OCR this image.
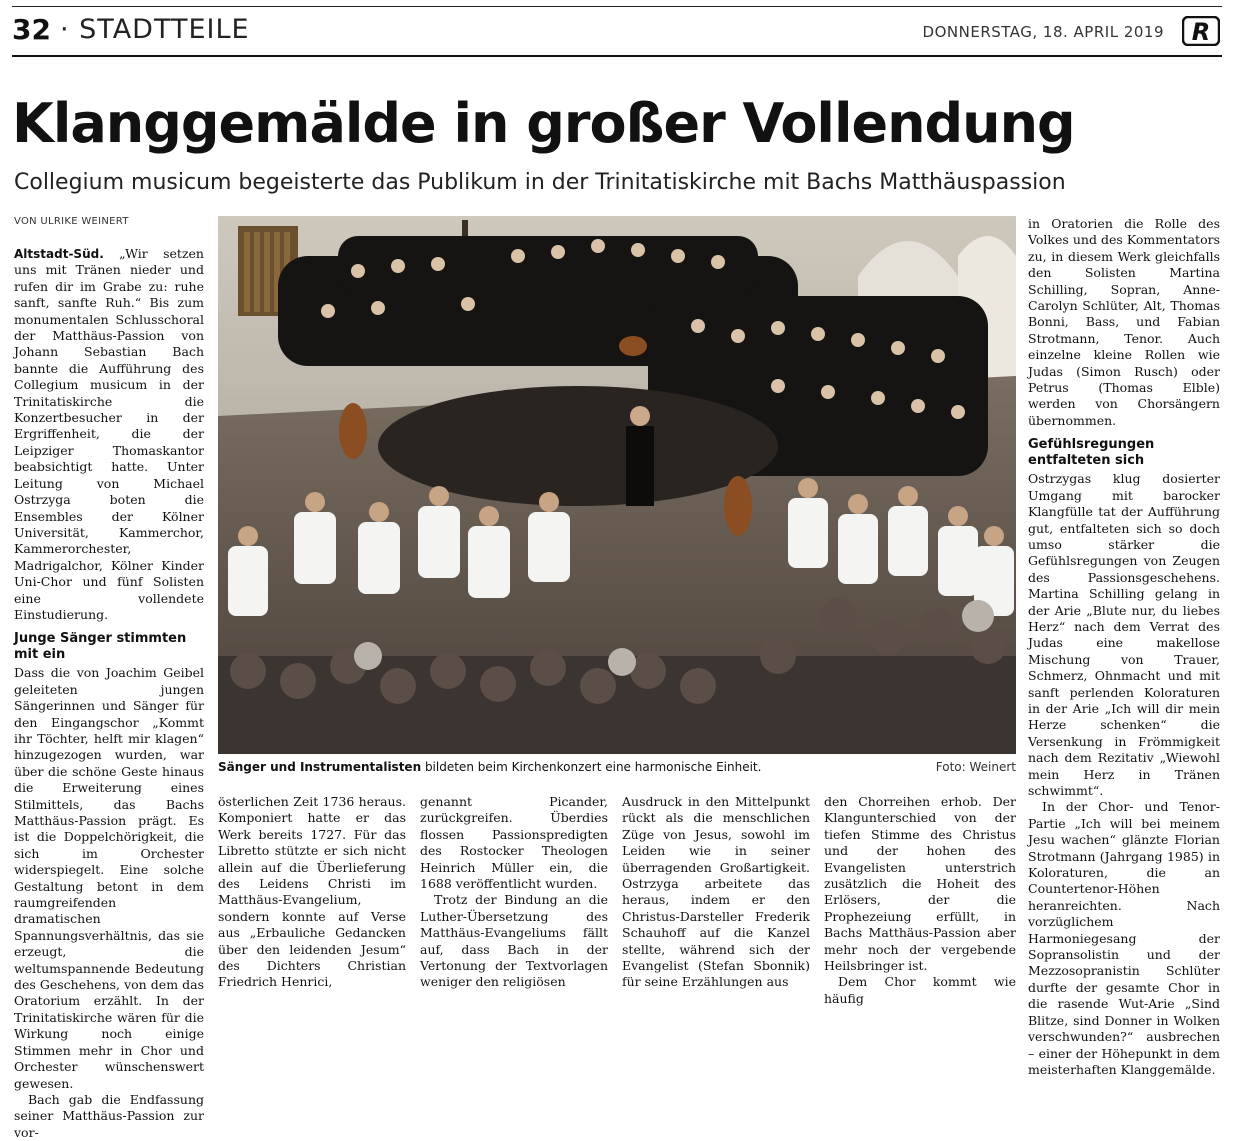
32 · STADTTEILE	DONNERSTAG, 18. APRIL 2019 R
Klanggemälde in großer Vollendung
Collegium musicum begeisterte das Publikum in der Trinitatiskirche mit Bachs Matthäuspassion
VON ULRIKE WEINERT

Altstadt-Süd. „Wir setzen uns mit Tränen nieder und rufen dir im Grabe zu: ruhe sanft, sanfte Ruh.“ Bis zum monumentalen Schlusschoral der Matthäus-Passion von Johann Sebastian Bach bannte die Aufführung des Collegium musicum in der Trinitatiskirche die Konzertbesucher in der Ergriffenheit, die der Leipziger Thomaskantor beabsichtigt hatte. Unter Leitung von Michael Ostrzyga boten die Ensembles der Kölner Universität, Kammerchor, Kammerorchester, Madrigalchor, Kölner Kinder Uni-Chor und fünf Solisten eine vollendete Einstudierung.

Junge Sänger stimmten mit ein

Dass die von Joachim Geibel geleiteten jungen Sängerinnen und Sänger für den Eingangschor „Kommt ihr Töchter, helft mir klagen“ hinzugezogen wurden, war über die schöne Geste hinaus die Erweiterung eines Stilmittels, das Bachs Matthäus-Passion prägt. Es ist die Doppelchörigkeit, die sich im Orchester widerspiegelt. Eine solche Gestaltung betont in dem raumgreifenden dramatischen Spannungsverhältnis, das sie erzeugt, die weltumspannende Bedeutung des Geschehens, von dem das Oratorium erzählt. In der Trinitatiskirche wären für die Wirkung noch einige Stimmen mehr in Chor und Orchester wünschenswert gewesen.

Bach gab die Endfassung seiner Matthäus-Passion zur vor-

Sänger und Instrumentalisten bildeten beim Kirchenkonzert eine harmonische Einheit.	Foto: Weinert

österlichen Zeit 1736 heraus. Komponiert hatte er das Werk bereits 1727. Für das Libretto stützte er sich nicht allein auf die Überlieferung des Leidens Christi im Matthäus-Evangelium, sondern konnte auf Verse aus „Erbauliche Gedancken über den leidenden Jesum“ des Dichters Christian Friedrich Henrici,

genannt Picander, zurückgreifen. Überdies flossen Passionspredigten des Rostocker Theologen Heinrich Müller ein, die 1688 veröffentlicht wurden.

Trotz der Bindung an die Luther-Übersetzung des Matthäus-Evangeliums fällt auf, dass Bach in der Vertonung der Textvorlagen weniger den religiösen

Ausdruck in den Mittelpunkt rückt als die menschlichen Züge von Jesus, sowohl im Leiden wie in seiner überragenden Großartigkeit. Ostrzyga arbeitete das heraus, indem er den Christus-Darsteller Frederik Schauhoff auf die Kanzel stellte, während sich der Evangelist (Stefan Sbonnik) für seine Erzählungen aus

den Chorreihen erhob. Der Klangunterschied von der tiefen Stimme des Christus und der hohen des Evangelisten unterstrich zusätzlich die Hoheit des Erlösers, der die Prophezeiung erfüllt, in Bachs Matthäus-Passion aber mehr noch der vergebende Heilsbringer ist.

Dem Chor kommt wie häufig

in Oratorien die Rolle des Volkes und des Kommentators zu, in diesem Werk gleichfalls den Solisten Martina Schilling, Sopran, Anne-Carolyn Schlüter, Alt, Thomas Bonni, Bass, und Fabian Strotmann, Tenor. Auch einzelne kleine Rollen wie Judas (Simon Rusch) oder Petrus (Thomas Elble) werden von Chorsängern übernommen.

Gefühlsregungen entfalteten sich

Ostrzygas klug dosierter Umgang mit barocker Klangfülle tat der Aufführung gut, entfalteten sich so doch umso stärker die Gefühlsregungen von Zeugen des Passionsgeschehens. Martina Schilling gelang in der Arie „Blute nur, du liebes Herz“ nach dem Verrat des Judas eine makellose Mischung von Trauer, Schmerz, Ohnmacht und mit sanft perlenden Koloraturen in der Arie „Ich will dir mein Herze schenken“ die Versenkung in Frömmigkeit nach dem Rezitativ „Wiewohl mein Herz in Tränen schwimmt“.

In der Chor- und Tenor-Partie „Ich will bei meinem Jesu wachen“ glänzte Florian Strotmann (Jahrgang 1985) in Koloraturen, die an Countertenor-Höhen heranreichten. Nach vorzüglichem Harmoniegesang der Sopransolistin und der Mezzosopranistin Schlüter durfte der gesamte Chor in die rasende Wut-Arie „Sind Blitze, sind Donner in Wolken verschwunden?“ ausbrechen – einer der Höhepunkt in dem meisterhaften Klanggemälde.
